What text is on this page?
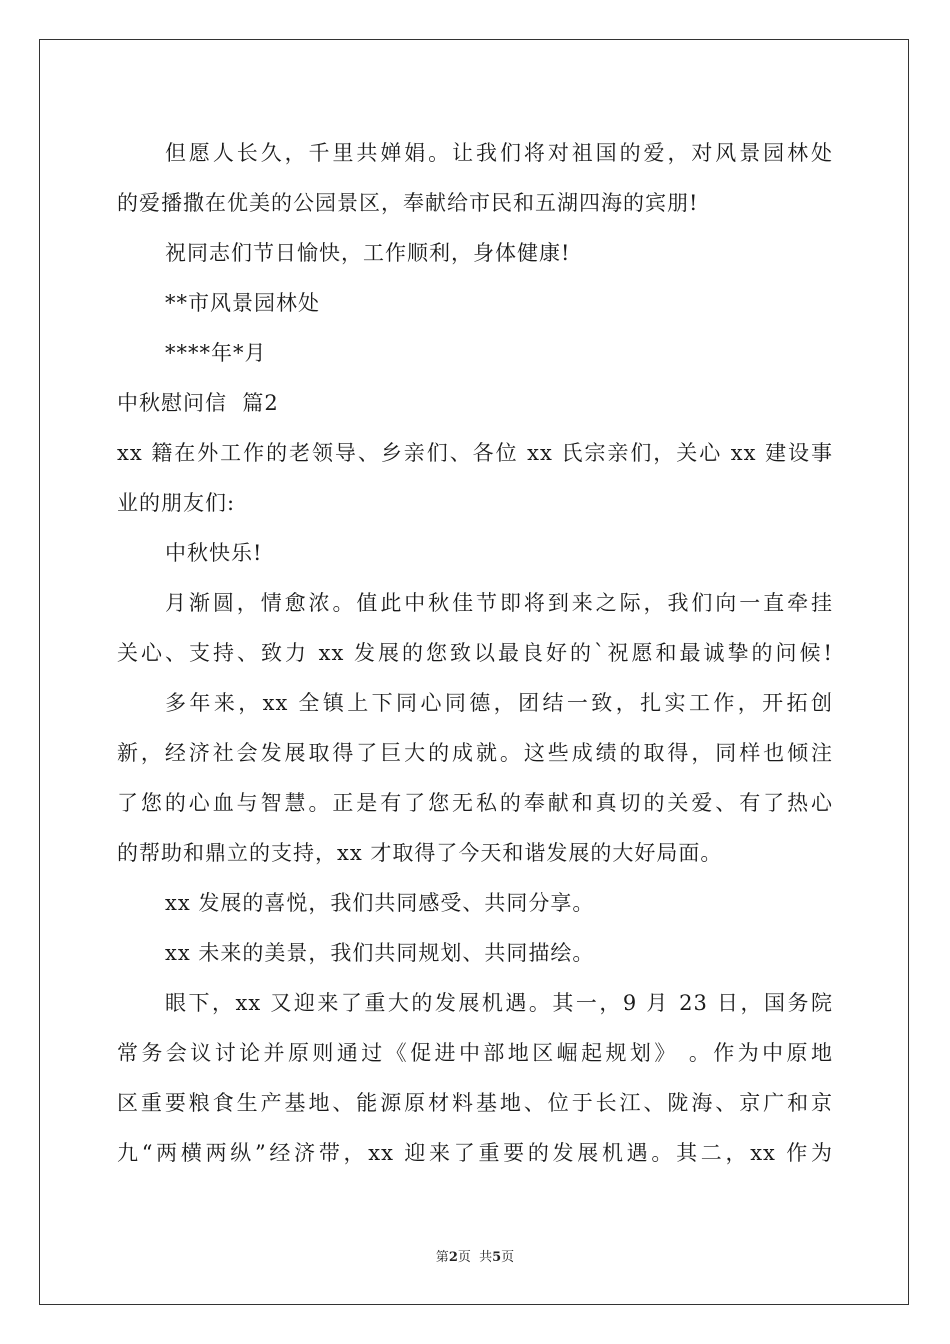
但愿人长久，千里共婵娟。让我们将对祖国的爱，对风景园林处
的爱播撒在优美的公园景区，奉献给市民和五湖四海的宾朋!
祝同志们节日愉快，工作顺利，身体健康!
**市风景园林处
****年*月
中秋慰问信  篇2
xx 籍在外工作的老领导、乡亲们、各位 xx 氏宗亲们，关心 xx 建设事
业的朋友们:
中秋快乐!
月渐圆，情愈浓。值此中秋佳节即将到来之际，我们向一直牵挂
关心、支持、致力 xx 发展的您致以最良好的`祝愿和最诚挚的问候!
多年来，xx 全镇上下同心同德，团结一致，扎实工作，开拓创
新，经济社会发展取得了巨大的成就。这些成绩的取得，同样也倾注
了您的心血与智慧。正是有了您无私的奉献和真切的关爱、有了热心
的帮助和鼎立的支持，xx 才取得了今天和谐发展的大好局面。
xx 发展的喜悦，我们共同感受、共同分享。
xx 未来的美景，我们共同规划、共同描绘。
眼下，xx 又迎来了重大的发展机遇。其一，9 月 23 日，国务院
常务会议讨论并原则通过《促进中部地区崛起规划》 。作为中原地
区重要粮食生产基地、能源原材料基地、位于长江、陇海、京广和京
九“两横两纵”经济带，xx 迎来了重要的发展机遇。其二，xx 作为
第2页  共5页
